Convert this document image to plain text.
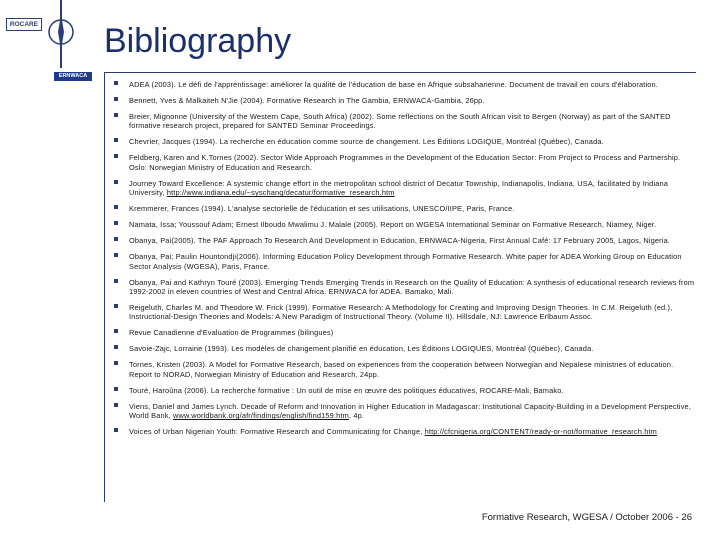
ROCARE
ERNWACA
Bibliography
ADEA (2003). Le défi de l'apprentissage: améliorer la qualité de l'éducation de base en Afrique subsaharienne. Document de travail en cours d'élaboration.
Bennett, Yves & Malkaiteh N'Jie (2004). Formative Research in The Gambia, ERNWACA-Gambia, 26pp.
Breier, Mignonne (University of the Western Cape, South Africa) (2002). Some reflections on the South African visit to Bergen (Norway) as part of the SANTED formative research project, prepared for SANTED Seminar Proceedings.
Chevrier, Jacques (1994). La recherche en éducation comme source de changement. Les Éditions LOGIQUE, Montréal (Québec), Canada.
Feldberg, Karen and K.Tornes (2002). Sector Wide Approach Programmes in the Development of the Education Sector: From Project to Process and Partnership. Oslo: Norwegian Ministry of Education and Research.
Journey Toward Excellence: A systemic change effort in the metropolitan school district of Decatur Township, Indianapolis, Indiana, USA, facilitated by Indiana University, http://www.indiana.edu/~syschang/decatur/formative_research.htm
Kremmerer, Frances (1994). L'analyse sectorielle de l'éducation et ses utilisations, UNESCO/IIPE, Paris, France.
Namata, Issa; Youssouf Adam; Ernest Ilboudo Mwalimu J. Malale (2005). Report on WGESA International Seminar on Formative Research, Niamey, Niger.
Obanya, Pai(2005). The PAF Approach To Research And Development in Education, ERNWACA-Nigeria, First Annual Café: 17 February 2005, Lagos, Nigeria.
Obanya, Pai; Paulin Hountondji(2006). Informing Education Policy Development through Formative Research. White paper for ADEA Working Group on Education Sector Analysis (WGESA), Paris, France.
Obanya, Pai and Kathryn Touré (2003). Emerging Trends Emerging Trends in Research on the Quality of Education: A synthesis of educational research reviews from 1992-2002 in eleven countries of West and Central Africa. ERNWACA for ADEA. Bamako, Mali.
Reigeluth, Charles M. and Theodore W. Frick (1999). Formative Research: A Methodology for Creating and Improving Design Theories. In C.M. Reigeluth (ed.), Instructional-Design Theories and Models: A New Paradigm of Instructional Theory. (Volume II). Hillsdale, NJ: Lawrence Erlbaum Assoc.
Revue Canadienne d'Evaluation de Programmes (bilingues)
Savoie-Zajc, Lorraine (1993). Les modèles de changement planifié en éducation, Les Éditions LOGIQUES, Montréal (Québec), Canada.
Tornes, Kristen (2003). A Model for Formative Research, based on experiences from the cooperation between Norwegian and Nepalese ministries of education. Report to NORAD, Norwegian Ministry of Education and Research, 24pp.
Touré, Haroûna (2006). La recherche formative : Un outil de mise en œuvre des politiques éducatives, ROCARE-Mali, Bamako.
Viens, Daniel and James Lynch. Decade of Reform and Innovation in Higher Education in Madagascar: Institutional Capacity-Building in a Development Perspective, World Bank, www.worldbank.org/afr/findings/english/find159.htm, 4p.
Voices of Urban Nigerian Youth: Formative Research and Communicating for Change, http://cfcnigeria.org/CONTENT/ready-or-not/formative_research.htm
Formative Research, WGESA / October 2006 - 26
